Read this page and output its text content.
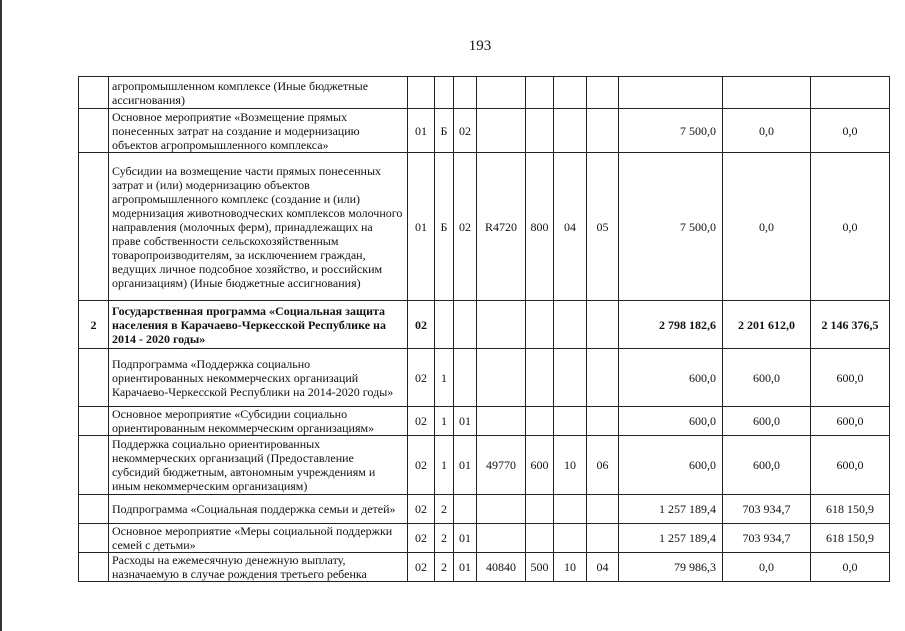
193
	агропромышленном комплексе (Иные бюджетные ассигнования)										
	Основное мероприятие «Возмещение прямых понесенных затрат на создание и модернизацию объектов агропромышленного комплекса»	01	Б	02					7 500,0	0,0	0,0
	Субсидии на возмещение части прямых понесенных затрат и (или) модернизацию объектов агропромышленного комплекс (создание и (или) модернизация животноводческих комплексов молочного направления (молочных ферм), принадлежащих на праве собственности сельскохозяйственным товаропроизводителям, за исключением граждан, ведущих личное подсобное хозяйство, и российским организациям) (Иные бюджетные ассигнования)	01	Б	02	R4720	800	04	05	7 500,0	0,0	0,0
2	Государственная программа «Социальная защита населения в Карачаево-Черкесской Республике на 2014 - 2020 годы»	02							2 798 182,6	2 201 612,0	2 146 376,5
	Подпрограмма «Поддержка социально ориентированных некоммерческих организаций Карачаево-Черкесской Республики на 2014-2020 годы»	02	1						600,0	600,0	600,0
	Основное мероприятие «Субсидии социально ориентированным некоммерческим организациям»	02	1	01					600,0	600,0	600,0
	Поддержка социально ориентированных некоммерческих организаций (Предоставление субсидий бюджетным, автономным учреждениям и иным некоммерческим организациям)	02	1	01	49770	600	10	06	600,0	600,0	600,0
	Подпрограмма «Социальная поддержка семьи и детей»	02	2						1 257 189,4	703 934,7	618 150,9
	Основное мероприятие «Меры социальной поддержки семей с детьми»	02	2	01					1 257 189,4	703 934,7	618 150,9
	Расходы на ежемесячную денежную выплату, назначаемую в случае рождения третьего ребенка	02	2	01	40840	500	10	04	79 986,3	0,0	0,0
